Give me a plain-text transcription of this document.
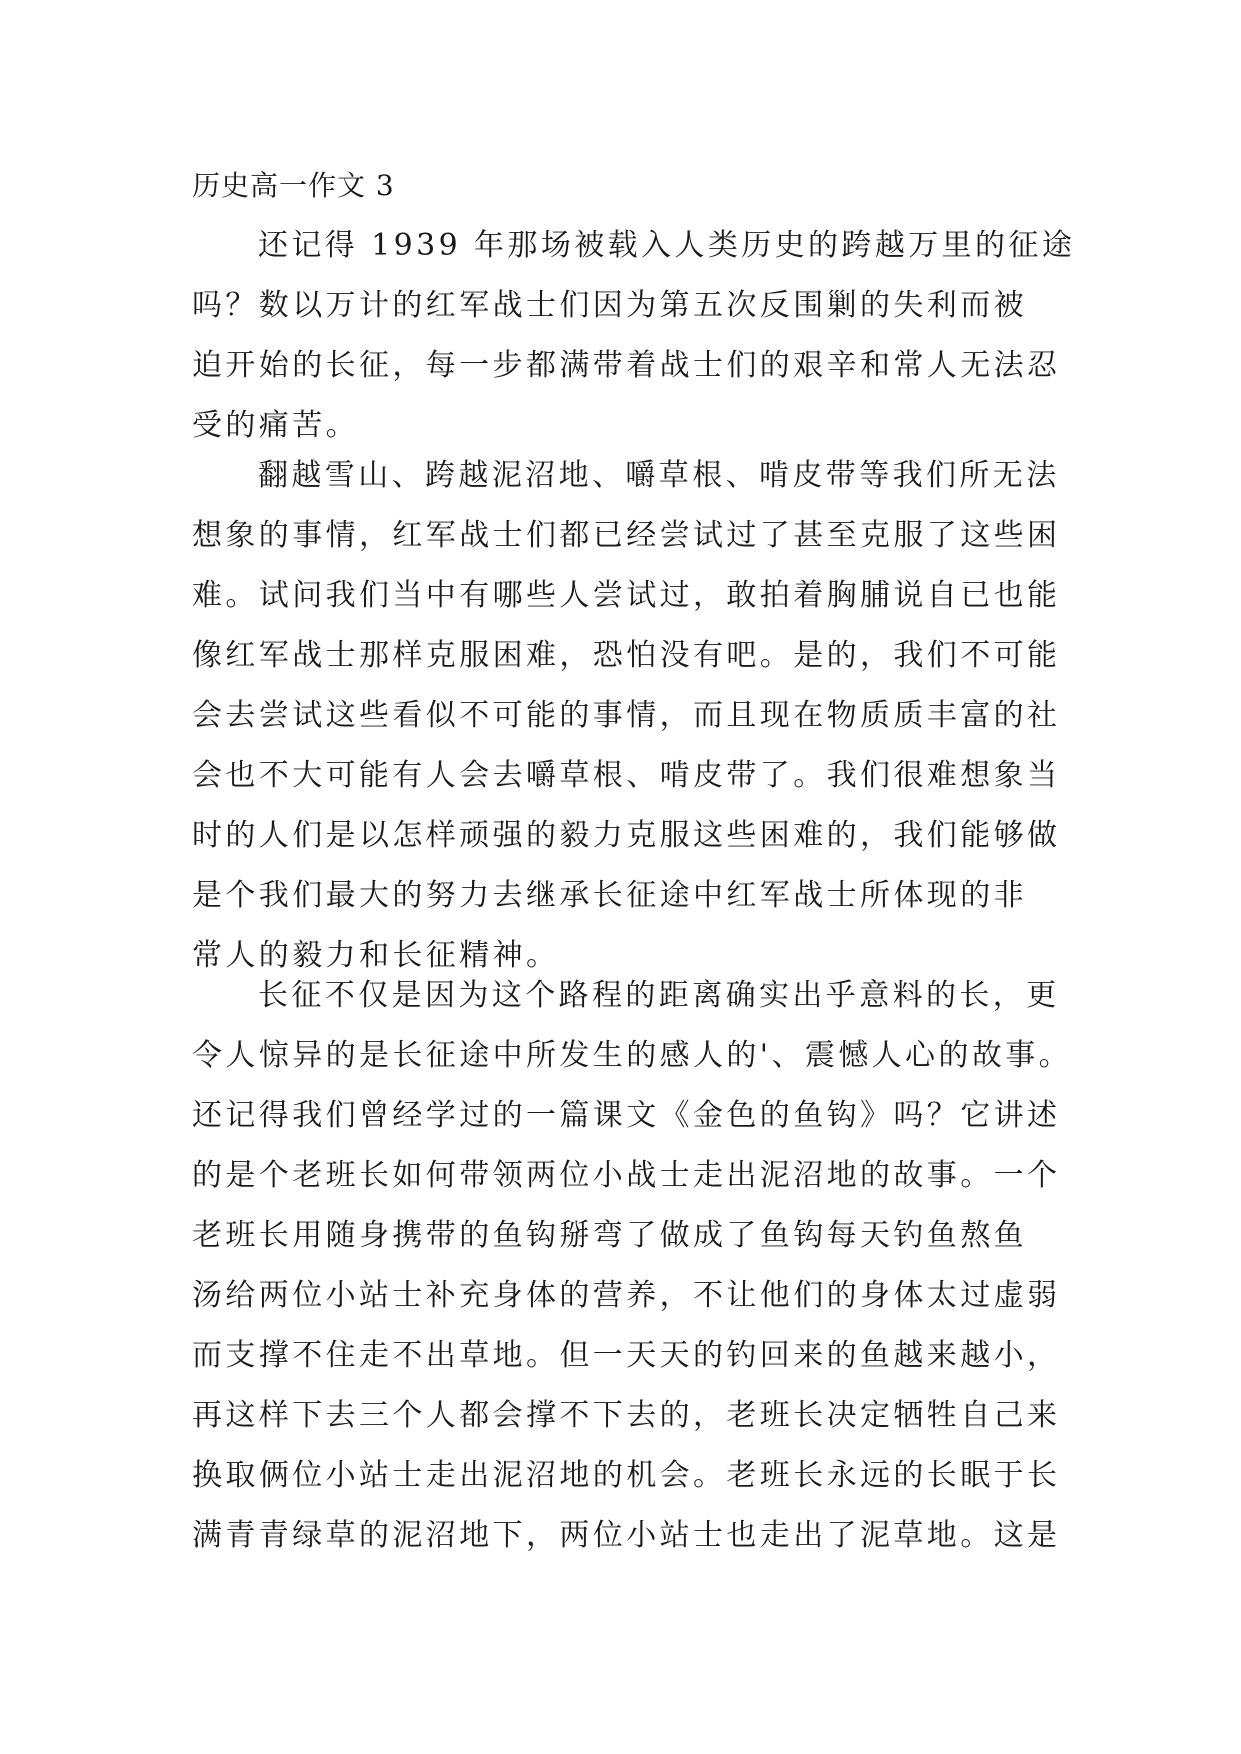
历史高一作文 3
还记得 1939 年那场被载入人类历史的跨越万里的征途
吗？数以万计的红军战士们因为第五次反围剿的失利而被
迫开始的长征，每一步都满带着战士们的艰辛和常人无法忍
受的痛苦。
翻越雪山、跨越泥沼地、嚼草根、啃皮带等我们所无法
想象的事情，红军战士们都已经尝试过了甚至克服了这些困
难。试问我们当中有哪些人尝试过，敢拍着胸脯说自已也能
像红军战士那样克服困难，恐怕没有吧。是的，我们不可能
会去尝试这些看似不可能的事情，而且现在物质质丰富的社
会也不大可能有人会去嚼草根、啃皮带了。我们很难想象当
时的人们是以怎样顽强的毅力克服这些困难的，我们能够做
是个我们最大的努力去继承长征途中红军战士所体现的非
常人的毅力和长征精神。
长征不仅是因为这个路程的距离确实出乎意料的长，更
令人惊异的是长征途中所发生的感人的'、震憾人心的故事。
还记得我们曾经学过的一篇课文《金色的鱼钩》吗？它讲述
的是个老班长如何带领两位小战士走出泥沼地的故事。一个
老班长用随身携带的鱼钩掰弯了做成了鱼钩每天钓鱼熬鱼
汤给两位小站士补充身体的营养，不让他们的身体太过虚弱
而支撑不住走不出草地。但一天天的钓回来的鱼越来越小，
再这样下去三个人都会撑不下去的，老班长决定牺牲自己来
换取俩位小站士走出泥沼地的机会。老班长永远的长眠于长
满青青绿草的泥沼地下，两位小站士也走出了泥草地。这是
